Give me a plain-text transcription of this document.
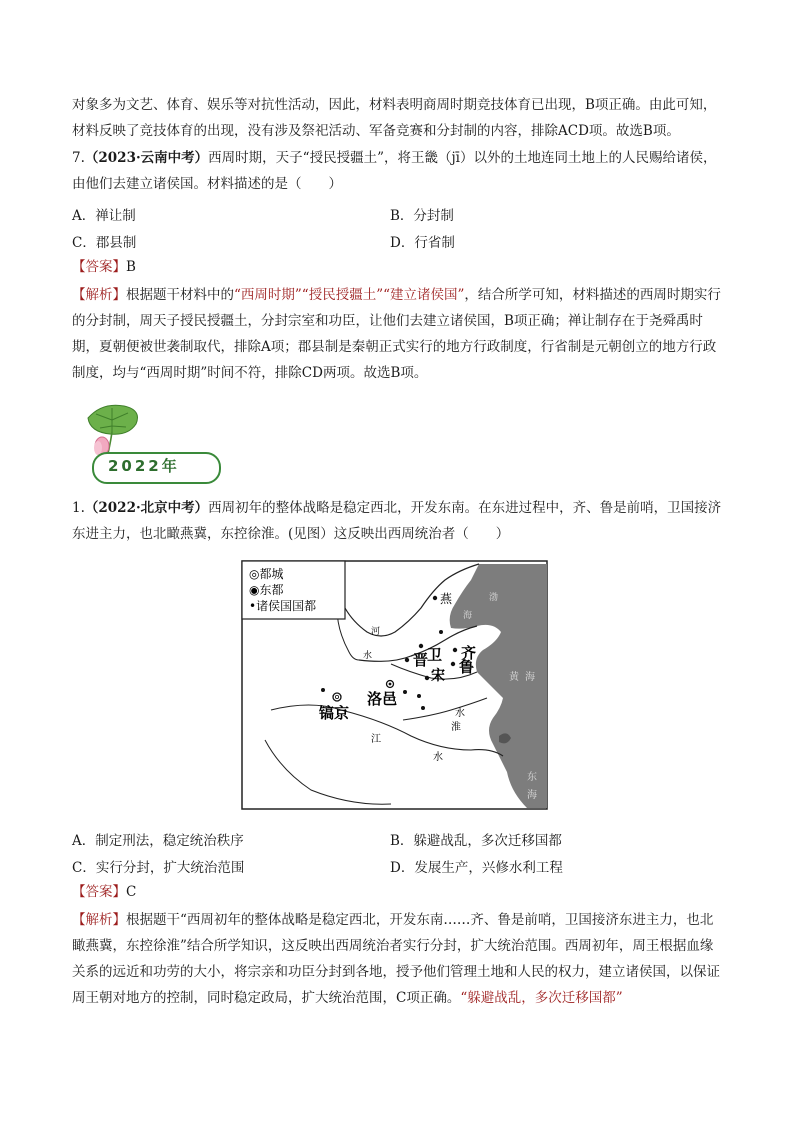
对象多为文艺、体育、娱乐等对抗性活动，因此，材料表明商周时期竞技体育已出现，B项正确。由此可知，材料反映了竞技体育的出现，没有涉及祭祀活动、军备竞赛和分封制的内容，排除ACD项。故选B项。

7.（2023·云南中考）西周时期，天子“授民授疆土”，将王畿（jī）以外的土地连同土地上的人民赐给诸侯，由他们去建立诸侯国。材料描述的是（　　）

A．禅让制	B．分封制
C．郡县制	D．行省制

【答案】B

【解析】根据题干材料中的“西周时期”“授民授疆土”“建立诸侯国”，结合所学可知，材料描述的西周时期实行的分封制，周天子授民授疆土，分封宗室和功臣，让他们去建立诸侯国，B项正确；禅让制存在于尧舜禹时期，夏朝便被世袭制取代，排除A项；郡县制是秦朝正式实行的地方行政制度，行省制是元朝创立的地方行政制度，均与“西周时期”时间不符，排除CD两项。故选B项。

2022年

1.（2022·北京中考）西周初年的整体战略是稳定西北，开发东南。在东进过程中，齐、鲁是前哨，卫国接济东进主力，也北瞰燕冀，东控徐淮。(见图）这反映出西周统治者（　　）

◎都城
◉东都
•诸侯国国都	燕
晋
卫 齐
鲁
宋
洛邑
镐京
河
水
淮
水
江
水
渤
海
黄 海
东
海
A．制定刑法，稳定统治秩序	B．躲避战乱，多次迁移国都
C．实行分封，扩大统治范围	D．发展生产，兴修水利工程

【答案】C

【解析】根据题干“西周初年的整体战略是稳定西北，开发东南……齐、鲁是前哨，卫国接济东进主力，也北瞰燕冀，东控徐淮”结合所学知识，这反映出西周统治者实行分封，扩大统治范围。西周初年，周王根据血缘关系的远近和功劳的大小，将宗亲和功臣分封到各地，授予他们管理土地和人民的权力，建立诸侯国，以保证周王朝对地方的控制，同时稳定政局，扩大统治范围，C项正确。“躲避战乱，多次迁移国都”
